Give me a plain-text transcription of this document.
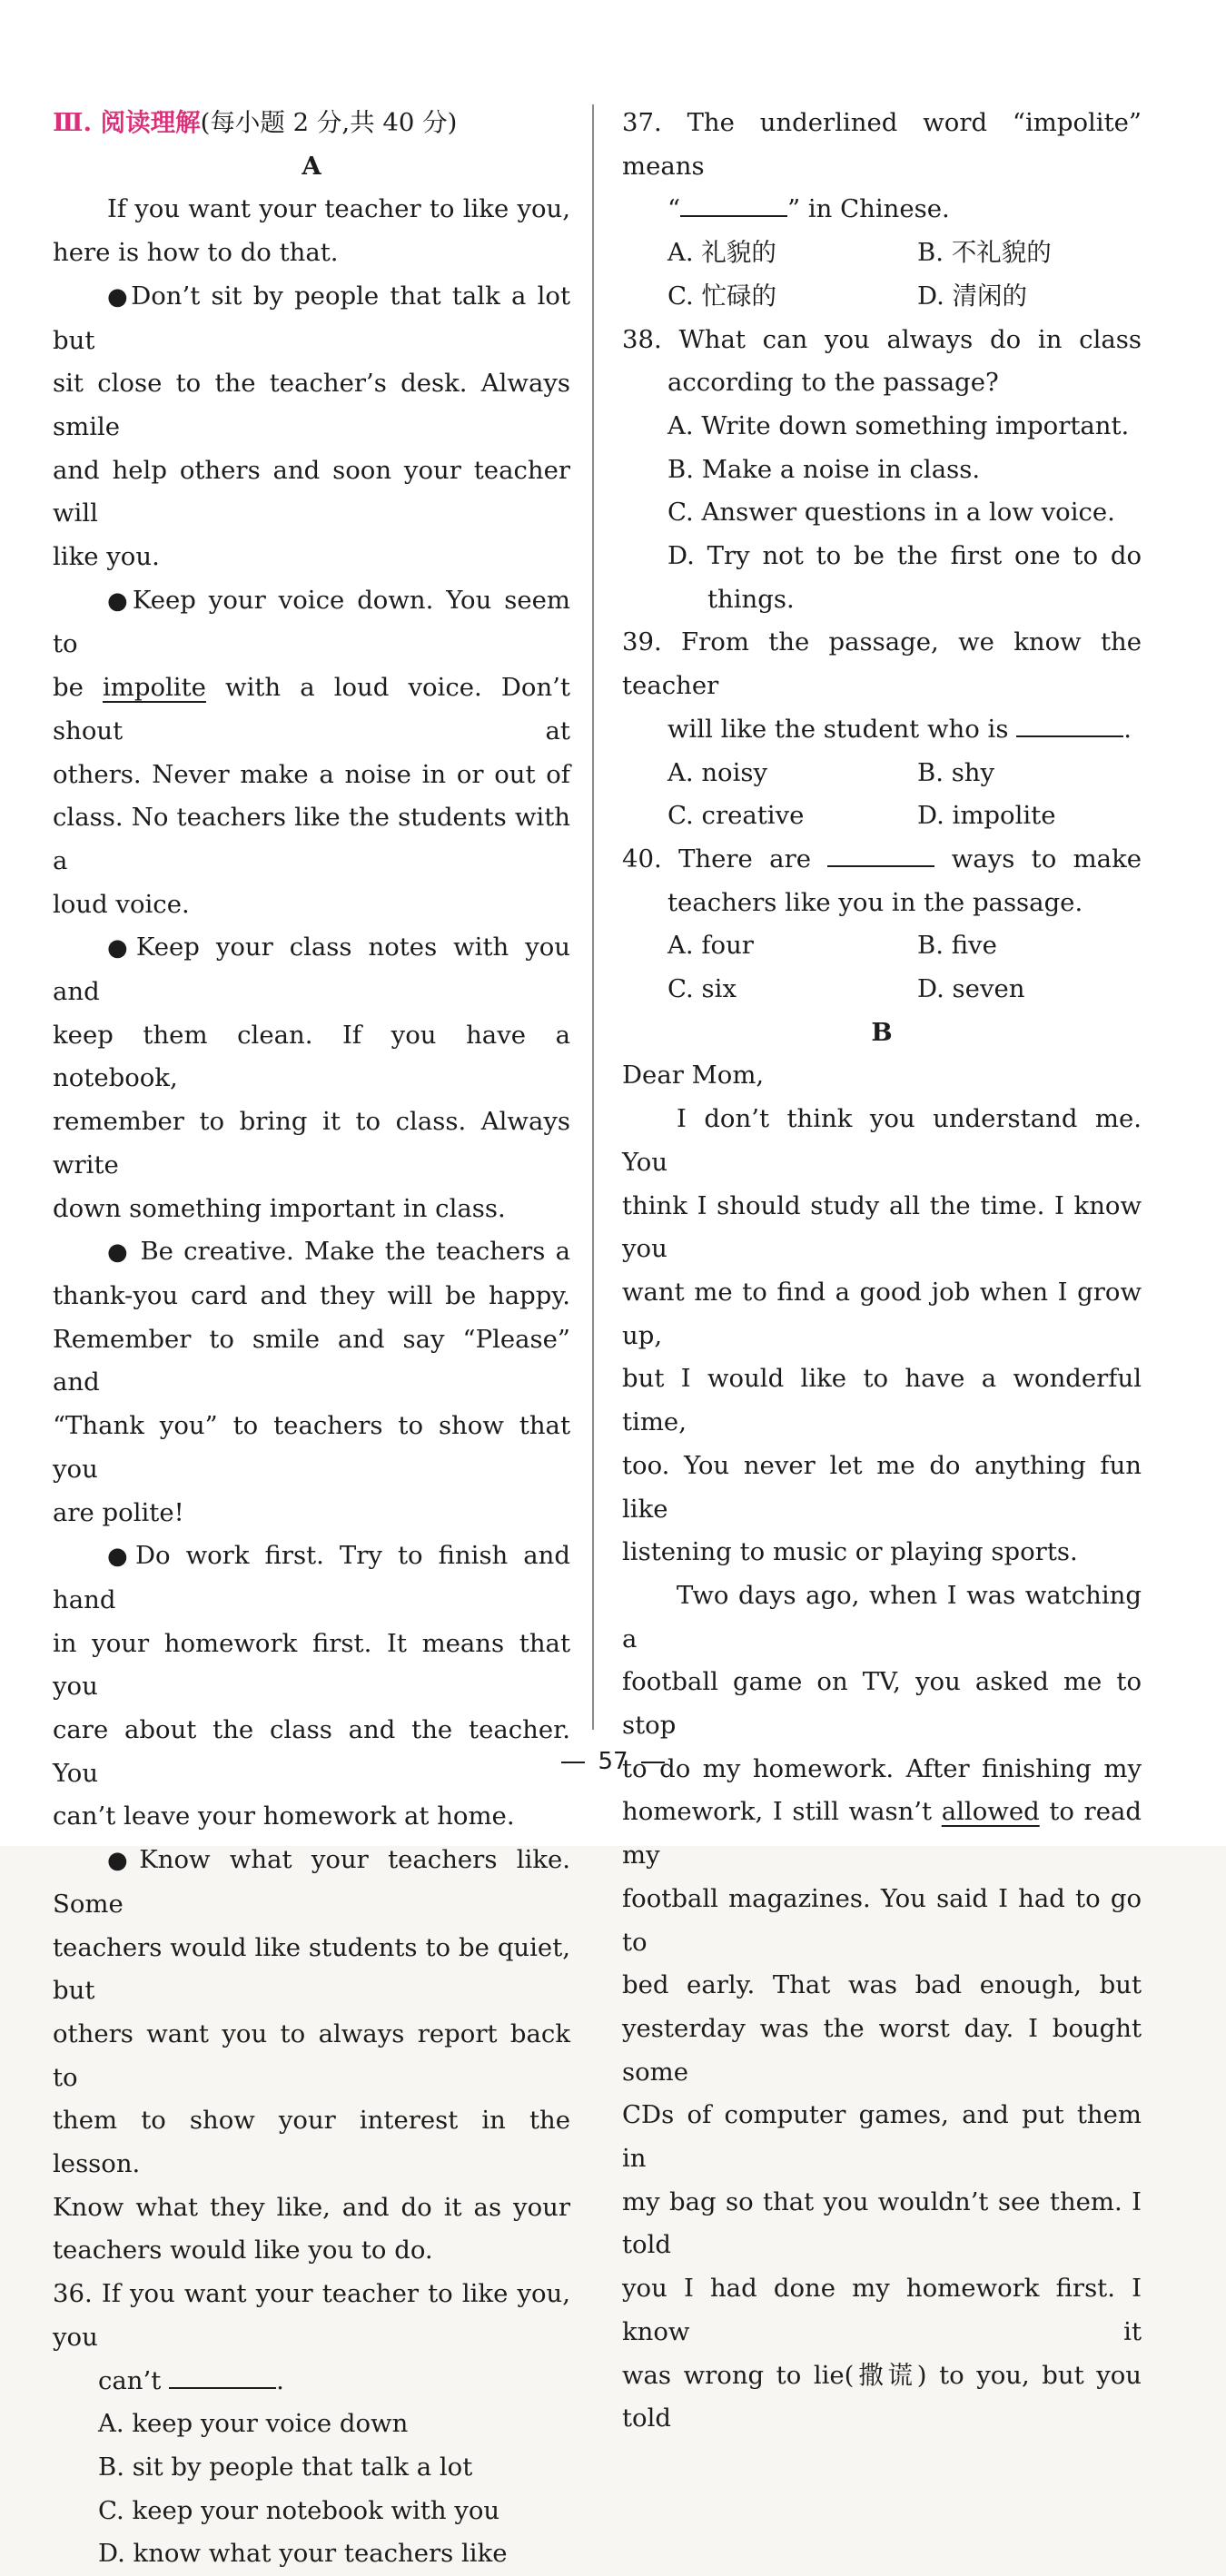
Ⅲ. 阅读理解(每小题 2 分,共 40 分)

A

If you want your teacher to like you,

here is how to do that.

●Don’t sit by people that talk a lot but

sit close to the teacher’s desk. Always smile

and help others and soon your teacher will

like you.

●Keep your voice down. You seem to

be impolite with a loud voice. Don’t shout at

others. Never make a noise in or out of

class. No teachers like the students with a

loud voice.

●Keep your class notes with you and

keep them clean. If you have a notebook,

remember to bring it to class. Always write

down something important in class.

● Be creative. Make the teachers a

thank-you card and they will be happy.

Remember to smile and say “Please” and

“Thank you” to teachers to show that you

are polite!

●Do work first. Try to finish and hand

in your homework first. It means that you

care about the class and the teacher. You

can’t leave your homework at home.

●Know what your teachers like. Some

teachers would like students to be quiet, but

others want you to always report back to

them to show your interest in the lesson.

Know what they like, and do it as your

teachers would like you to do.

36. If you want your teacher to like you, you

can’t	.

A. keep your voice down

B. sit by people that talk a lot

C. keep your notebook with you

D. know what your teachers like

37. The underlined word “impolite” means

“	” in Chinese.

A. 礼貌的	B. 不礼貌的
C. 忙碌的	D. 清闲的

38. What can you always do in class

according to the passage?

A. Write down something important.

B. Make a noise in class.

C. Answer questions in a low voice.

D. Try not to be the first one to do

things.

39. From the passage, we know the teacher

will like the student who is	.

A. noisy	B. shy
C. creative	D. impolite

40. There are	ways to make

teachers like you in the passage.

A. four	B. five
C. six	D. seven

B

Dear Mom,

I don’t think you understand me. You

think I should study all the time. I know you

want me to find a good job when I grow up,

but I would like to have a wonderful time,

too. You never let me do anything fun like

listening to music or playing sports.

Two days ago, when I was watching a

football game on TV, you asked me to stop

to do my homework. After finishing my

homework, I still wasn’t allowed to read my

football magazines. You said I had to go to

bed early. That was bad enough, but

yesterday was the worst day. I bought some

CDs of computer games, and put them in

my bag so that you wouldn’t see them. I told

you I had done my homework first. I know it

was wrong to lie(撒谎) to you, but you told

57
